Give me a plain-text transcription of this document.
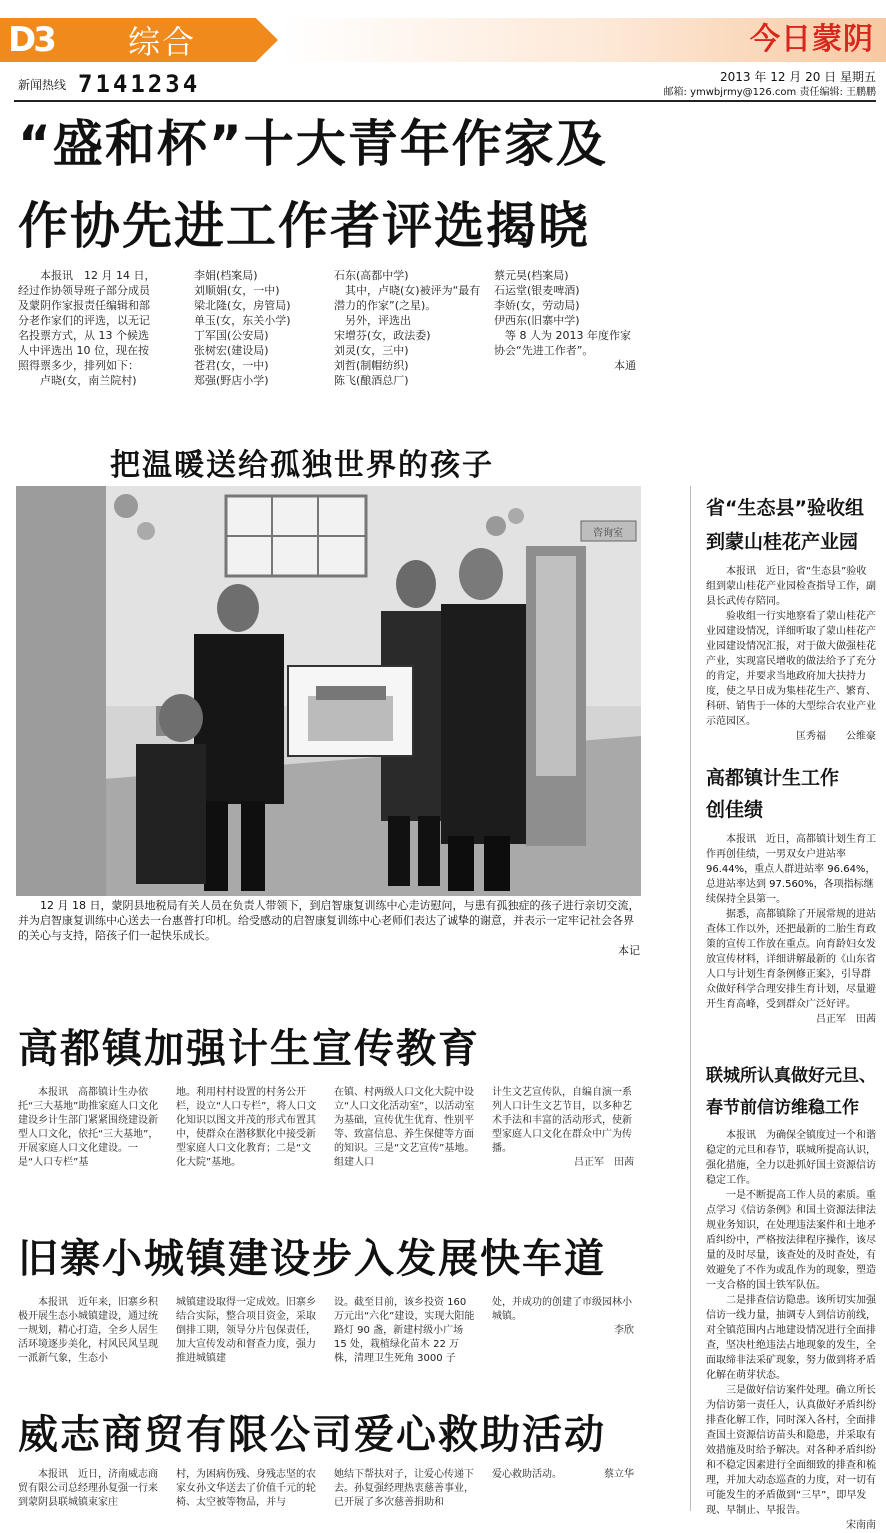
D3	综合	今日蒙阴
新闻热线 7141234	2013 年 12 月 20 日 星期五
邮箱: ymwbjrmy@126.com 责任编辑: 王鹏鹏
“盛和杯”十大青年作家及
作协先进工作者评选揭晓

本报讯　12 月 14 日，经过作协领导班子部分成员及蒙阴作家报责任编辑和部分老作家们的评选，以无记名投票方式，从 13 个候选人中评选出 10 位，现在按照得票多少，排列如下：

卢晓(女，南兰院村)

李娟(档案局)

刘顺娟(女，一中)

梁北隆(女，房管局)

单玉(女，东关小学)

丁军国(公安局)

张树宏(建设局)

苍君(女，一中)

郑强(野店小学)

石东(高都中学)

其中，卢晓(女)被评为“最有潜力的作家”(之星)。

另外，评选出

宋增芬(女，政法委)

刘灵(女，三中)

刘哲(制帽纺织)

陈飞(酿酒总厂)

蔡元昊(档案局)

石运堂(银麦啤酒)

李娇(女，劳动局)

伊西东(旧寨中学)

等 8 人为 2013 年度作家协会“先进工作者”。

本通

把温暖送给孤独世界的孩子
咨询室
12 月 18 日，蒙阴县地税局有关人员在负责人带领下，到启智康复训练中心走访慰问，与患有孤独症的孩子进行亲切交流，并为启智康复训练中心送去一台惠普打印机。给受感动的启智康复训练中心老师们表达了诚挚的谢意，并表示一定牢记社会各界的关心与支持，陪孩子们一起快乐成长。
本记
省“生态县”验收组
到蒙山桂花产业园

本报讯　近日，省“生态县”验收组到蒙山桂花产业园检查指导工作，副县长武传存陪同。

验收组一行实地察看了蒙山桂花产业园建设情况，详细听取了蒙山桂花产业园建设情况汇报，对于做大做强桂花产业，实现富民增收的做法给予了充分的肯定，并要求当地政府加大扶持力度，使之早日成为集桂花生产、繁育、科研、销售于一体的大型综合农业产业示范园区。

匡秀福　　公维豪

高都镇计生工作
创佳绩

本报讯　近日，高都镇计划生育工作再创佳绩，一男双女户进站率 96.44%，重点人群进站率 96.64%，总进站率达到 97.560%，各项指标继续保持全县第一。

据悉，高都镇除了开展常规的进站查体工作以外，还把最新的二胎生育政策的宣传工作放在重点。向育龄妇女发放宣传材料，详细讲解最新的《山东省人口与计划生育条例修正案》，引导群众做好科学合理安排生育计划，尽量避开生育高峰，受到群众广泛好评。

吕正军　田茜

联城所认真做好元旦、
春节前信访维稳工作

本报讯　为确保全镇度过一个和谐稳定的元旦和春节，联城所提高认识，强化措施，全力以赴抓好国土资源信访稳定工作。

一是不断提高工作人员的素质。重点学习《信访条例》和国土资源法律法规业务知识，在处理违法案件和土地矛盾纠纷中，严格按法律程序操作，该尽量的及时尽量，该查处的及时查处，有效避免了不作为或乱作为的现象，塑造一支合格的国土铁军队伍。

二是排查信访隐患。该所切实加强信访一线力量，抽调专人到信访前线，对全镇范围内占地建设情况进行全面排查，坚决杜绝违法占地现象的发生，全面取缔非法采矿现象，努力做到将矛盾化解在萌芽状态。

三是做好信访案件处理。确立所长为信访第一责任人，认真做好矛盾纠纷排查化解工作，同时深入各村，全面排查国土资源信访苗头和隐患，并采取有效措施及时给予解决。对各种矛盾纠纷和不稳定因素进行全面细致的排查和梳理，并加大动态巡查的力度，对一切有可能发生的矛盾做到“三早”，即早发现、早制止、早报告。

宋南南

高都镇加强计生宣传教育
本报讯　高都镇计生办依托“三大基地”助推家庭人口文化建设乡计生部门紧紧围绕建设新型人口文化，依托“三大基地”，开展家庭人口文化建设。一是“人口专栏”基
地。利用村村设置的村务公开栏，设立“人口专栏”，将人口文化知识以图文并茂的形式布置其中，使群众在潜移默化中接受新型家庭人口文化教育；二是“文化大院”基地。
在镇、村两级人口文化大院中设立“人口文化活动室”，以活动室为基础，宣传优生优育、性别平等、致富信息、养生保健等方面的知识。三是“文艺宣传”基地。组建人口

计生文艺宣传队，自编自演一系列人口计生文艺节目，以多种艺术手法和丰富的活动形式，使新型家庭人口文化在群众中广为传播。

吕正军　田茜

旧寨小城镇建设步入发展快车道
本报讯　近年来，旧寨乡积极开展生态小城镇建设，通过统一规划，精心打造，全乡人居生活环境逐步美化，村风民风呈现一派新气象，生态小
城镇建设取得一定成效。旧寨乡结合实际，整合项目资金，采取倒排工期，领导分片包保责任，加大宣传发动和督查力度，强力推进城镇建
设。截至目前，该乡投资 160 万元出“六化”建设，实现大阳能路灯 90 盏，新建村级小广场 15 处，栽植绿化苗木 22 万株，清理卫生死角 3000 子

处，并成功的创建了市级园林小城镇。

李欣

威志商贸有限公司爱心救助活动
本报讯　近日，济南威志商贸有限公司总经理孙复强一行来到蒙阴县联城镇束家庄
村，为困病伤残、身残志坚的农家女孙文华送去了价值千元的轮椅、太空被等物品，并与
她结下帮扶对子，让爱心传递下去。孙复强经理热衷慈善事业，已开展了多次慈善捐助和
爱心救助活动。	蔡立华
